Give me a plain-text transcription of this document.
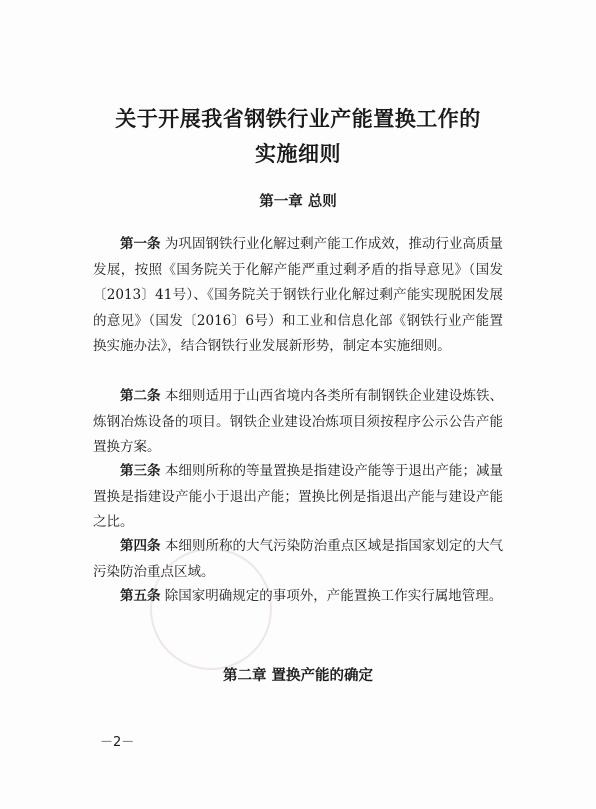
关于开展我省钢铁行业产能置换工作的
实施细则
第一章 总则

第一条 为巩固钢铁行业化解过剩产能工作成效，推动行业高质量发展，按照《国务院关于化解产能严重过剩矛盾的指导意见》（国发〔2013〕41号）、《国务院关于钢铁行业化解过剩产能实现脱困发展的意见》（国发〔2016〕6号）和工业和信息化部《钢铁行业产能置换实施办法》，结合钢铁行业发展新形势，制定本实施细则。

第二条 本细则适用于山西省境内各类所有制钢铁企业建设炼铁、炼钢冶炼设备的项目。钢铁企业建设冶炼项目须按程序公示公告产能置换方案。

第三条 本细则所称的等量置换是指建设产能等于退出产能；减量置换是指建设产能小于退出产能；置换比例是指退出产能与建设产能之比。

第四条 本细则所称的大气污染防治重点区域是指国家划定的大气污染防治重点区域。

第五条 除国家明确规定的事项外，产能置换工作实行属地管理。

第二章 置换产能的确定
－2－
